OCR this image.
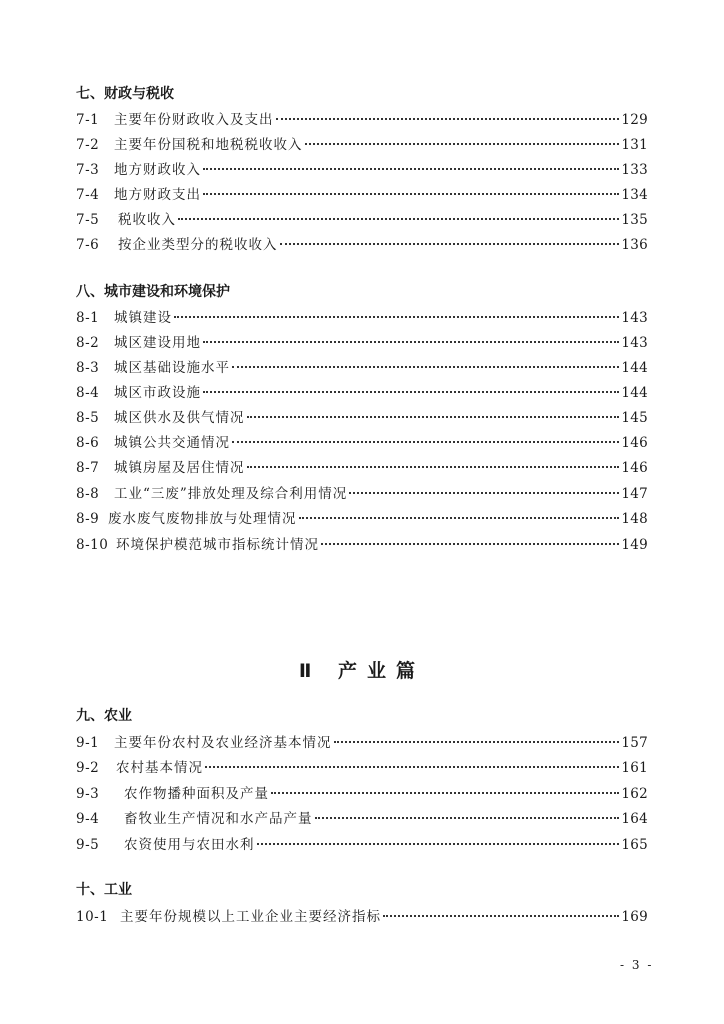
七、财政与税收
7-1	主要年份财政收入及支出	129
7-2	主要年份国税和地税税收收入	131
7-3	地方财政收入	133
7-4	地方财政支出	134
7-5	税收收入	135
7-6	按企业类型分的税收收入	136
八、城市建设和环境保护
8-1	城镇建设	143
8-2	城区建设用地	143
8-3	城区基础设施水平	144
8-4	城区市政设施	144
8-5	城区供水及供气情况	145
8-6	城镇公共交通情况	146
8-7	城镇房屋及居住情况	146
8-8	工业“三废”排放处理及综合利用情况	147
8-9 废水废气废物排放与处理情况	148
8-10 环境保护模范城市指标统计情况	149
Ⅱ 产业篇
九、农业
9-1	主要年份农村及农业经济基本情况	157
9-2	农村基本情况	161
9-3	农作物播种面积及产量	162
9-4	畜牧业生产情况和水产品产量	164
9-5	农资使用与农田水利	165
十、工业
10-1 主要年份规模以上工业企业主要经济指标	169
- 3 -
